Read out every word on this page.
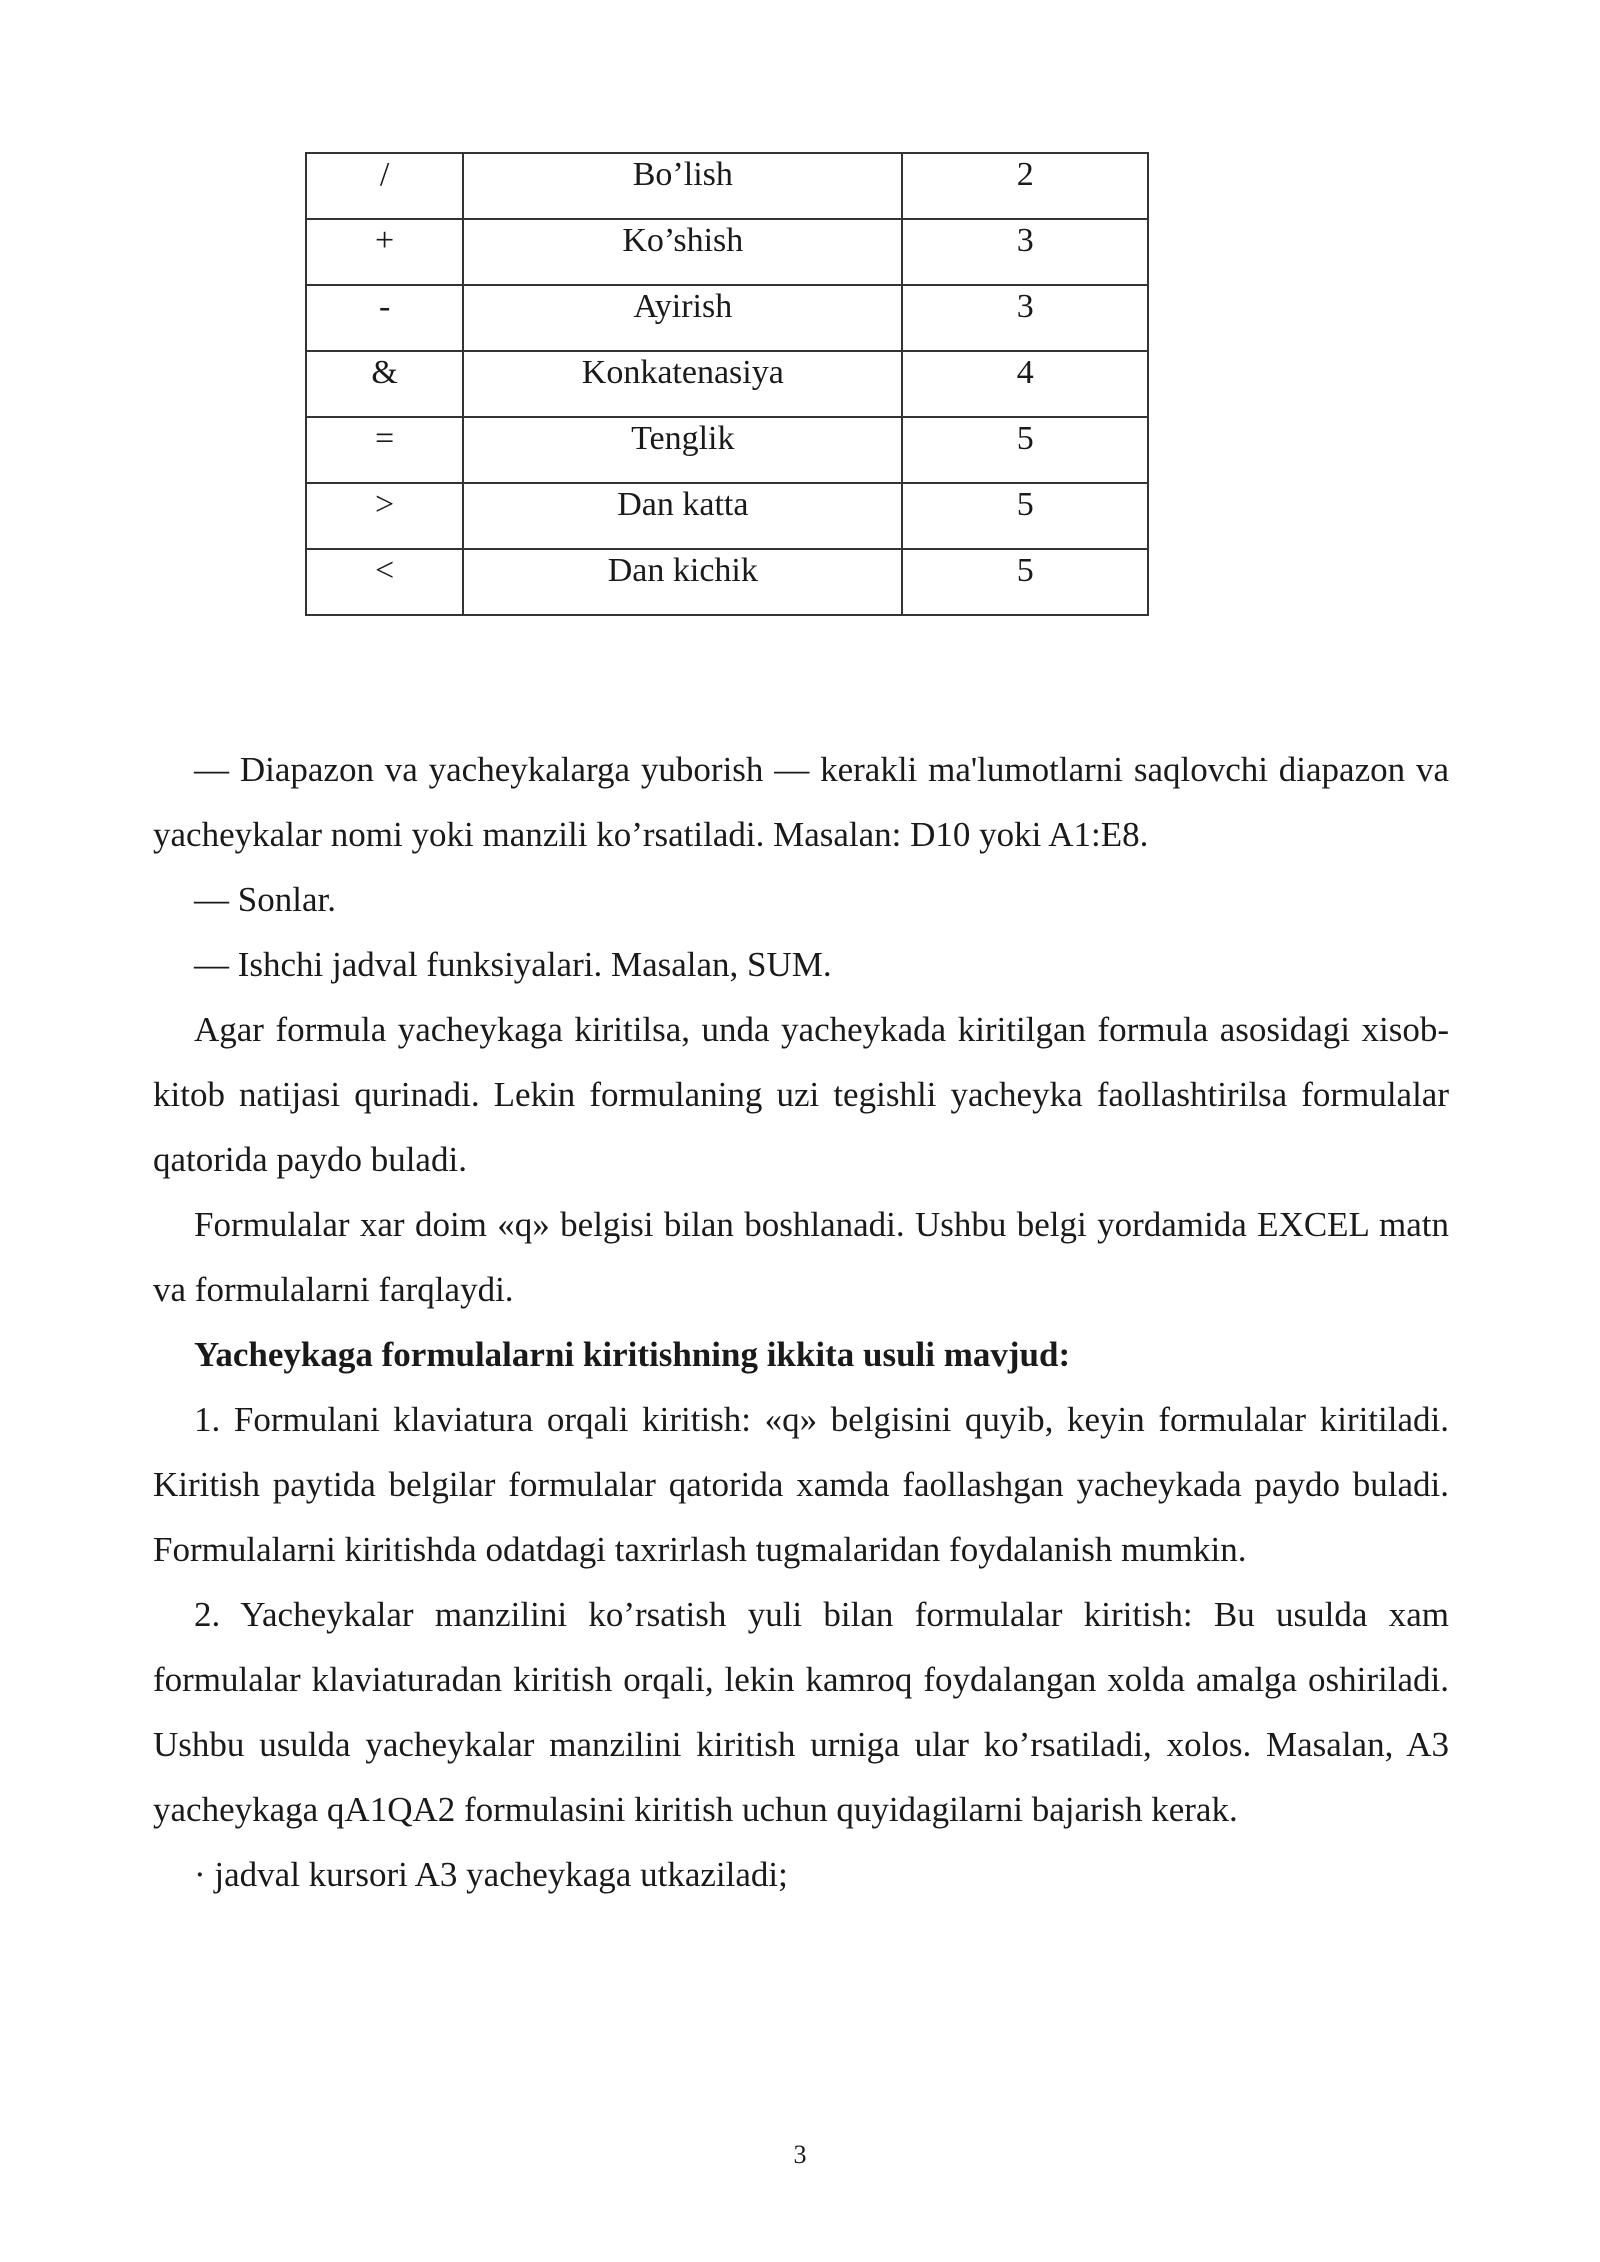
/	Bo’lish	2
+	Ko’shish	3
-	Ayirish	3
&	Konkatenasiya	4
=	Tenglik	5
>	Dan katta	5
<	Dan kichik	5

— Diapazon va yacheykalarga yuborish — kerakli ma'lumotlarni saqlovchi diapazon va yacheykalar nomi yoki manzili ko’rsatiladi. Masalan: D10 yoki A1:E8.

— Sonlar.

— Ishchi jadval funksiyalari. Masalan, SUM.

Agar formula yacheykaga kiritilsa, unda yacheykada kiritilgan formula asosidagi xisob-kitob natijasi qurinadi. Lekin formulaning uzi tegishli yacheyka faollashtirilsa formulalar qatorida paydo buladi.

Formulalar xar doim «q» belgisi bilan boshlanadi. Ushbu belgi yordamida EXCEL matn va formulalarni farqlaydi.

Yacheykaga formulalarni kiritishning ikkita usuli mavjud:

1. Formulani klaviatura orqali kiritish: «q» belgisini quyib, keyin formulalar kiritiladi. Kiritish paytida belgilar formulalar qatorida xamda faollashgan yacheykada paydo buladi. Formulalarni kiritishda odatdagi taxrirlash tugmalaridan foydalanish mumkin.

2. Yacheykalar manzilini ko’rsatish yuli bilan formulalar kiritish: Bu usulda xam formulalar klaviaturadan kiritish orqali, lekin kamroq foydalangan xolda amalga oshiriladi. Ushbu usulda yacheykalar manzilini kiritish urniga ular ko’rsatiladi, xolos. Masalan, A3 yacheykaga qA1QA2 formulasini kiritish uchun quyidagilarni bajarish kerak.

· jadval kursori A3 yacheykaga utkaziladi;

3
